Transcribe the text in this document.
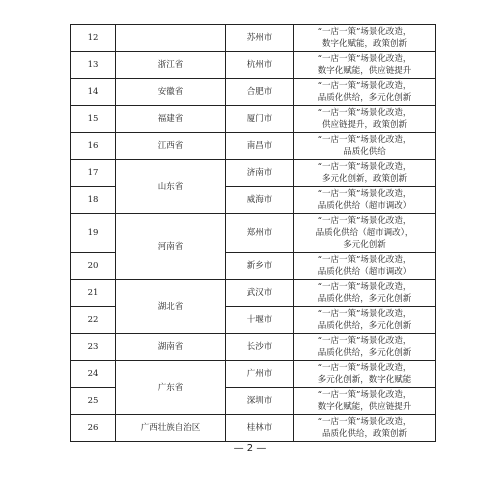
12		苏州市	“一店一策”场景化改造，
数字化赋能，政策创新

13	浙江省	杭州市	“一店一策”场景化改造，
数字化赋能，供应链提升

14	安徽省	合肥市	“一店一策”场景化改造，
品质化供给，多元化创新

15	福建省	厦门市	“一店一策”场景化改造，
供应链提升，政策创新

16	江西省	南昌市	“一店一策”场景化改造，
品质化供给

17	山东省	济南市	“一店一策”场景化改造，
多元化创新，政策创新

18		威海市	“一店一策”场景化改造，
品质化供给（超市调改）

19	河南省	郑州市	“一店一策”场景化改造，
品质化供给（超市调改），
多元化创新

20		新乡市	“一店一策”场景化改造，
品质化供给（超市调改）

21	湖北省	武汉市	“一店一策”场景化改造，
品质化供给，多元化创新

22		十堰市	“一店一策”场景化改造，
品质化供给，多元化创新

23	湖南省	长沙市	“一店一策”场景化改造，
品质化供给，多元化创新

24	广东省	广州市	“一店一策”场景化改造，
多元化创新，数字化赋能

25		深圳市	“一店一策”场景化改造，
数字化赋能，供应链提升

26	广西壮族自治区	桂林市	“一店一策”场景化改造，
品质化供给，政策创新
— 2 —
